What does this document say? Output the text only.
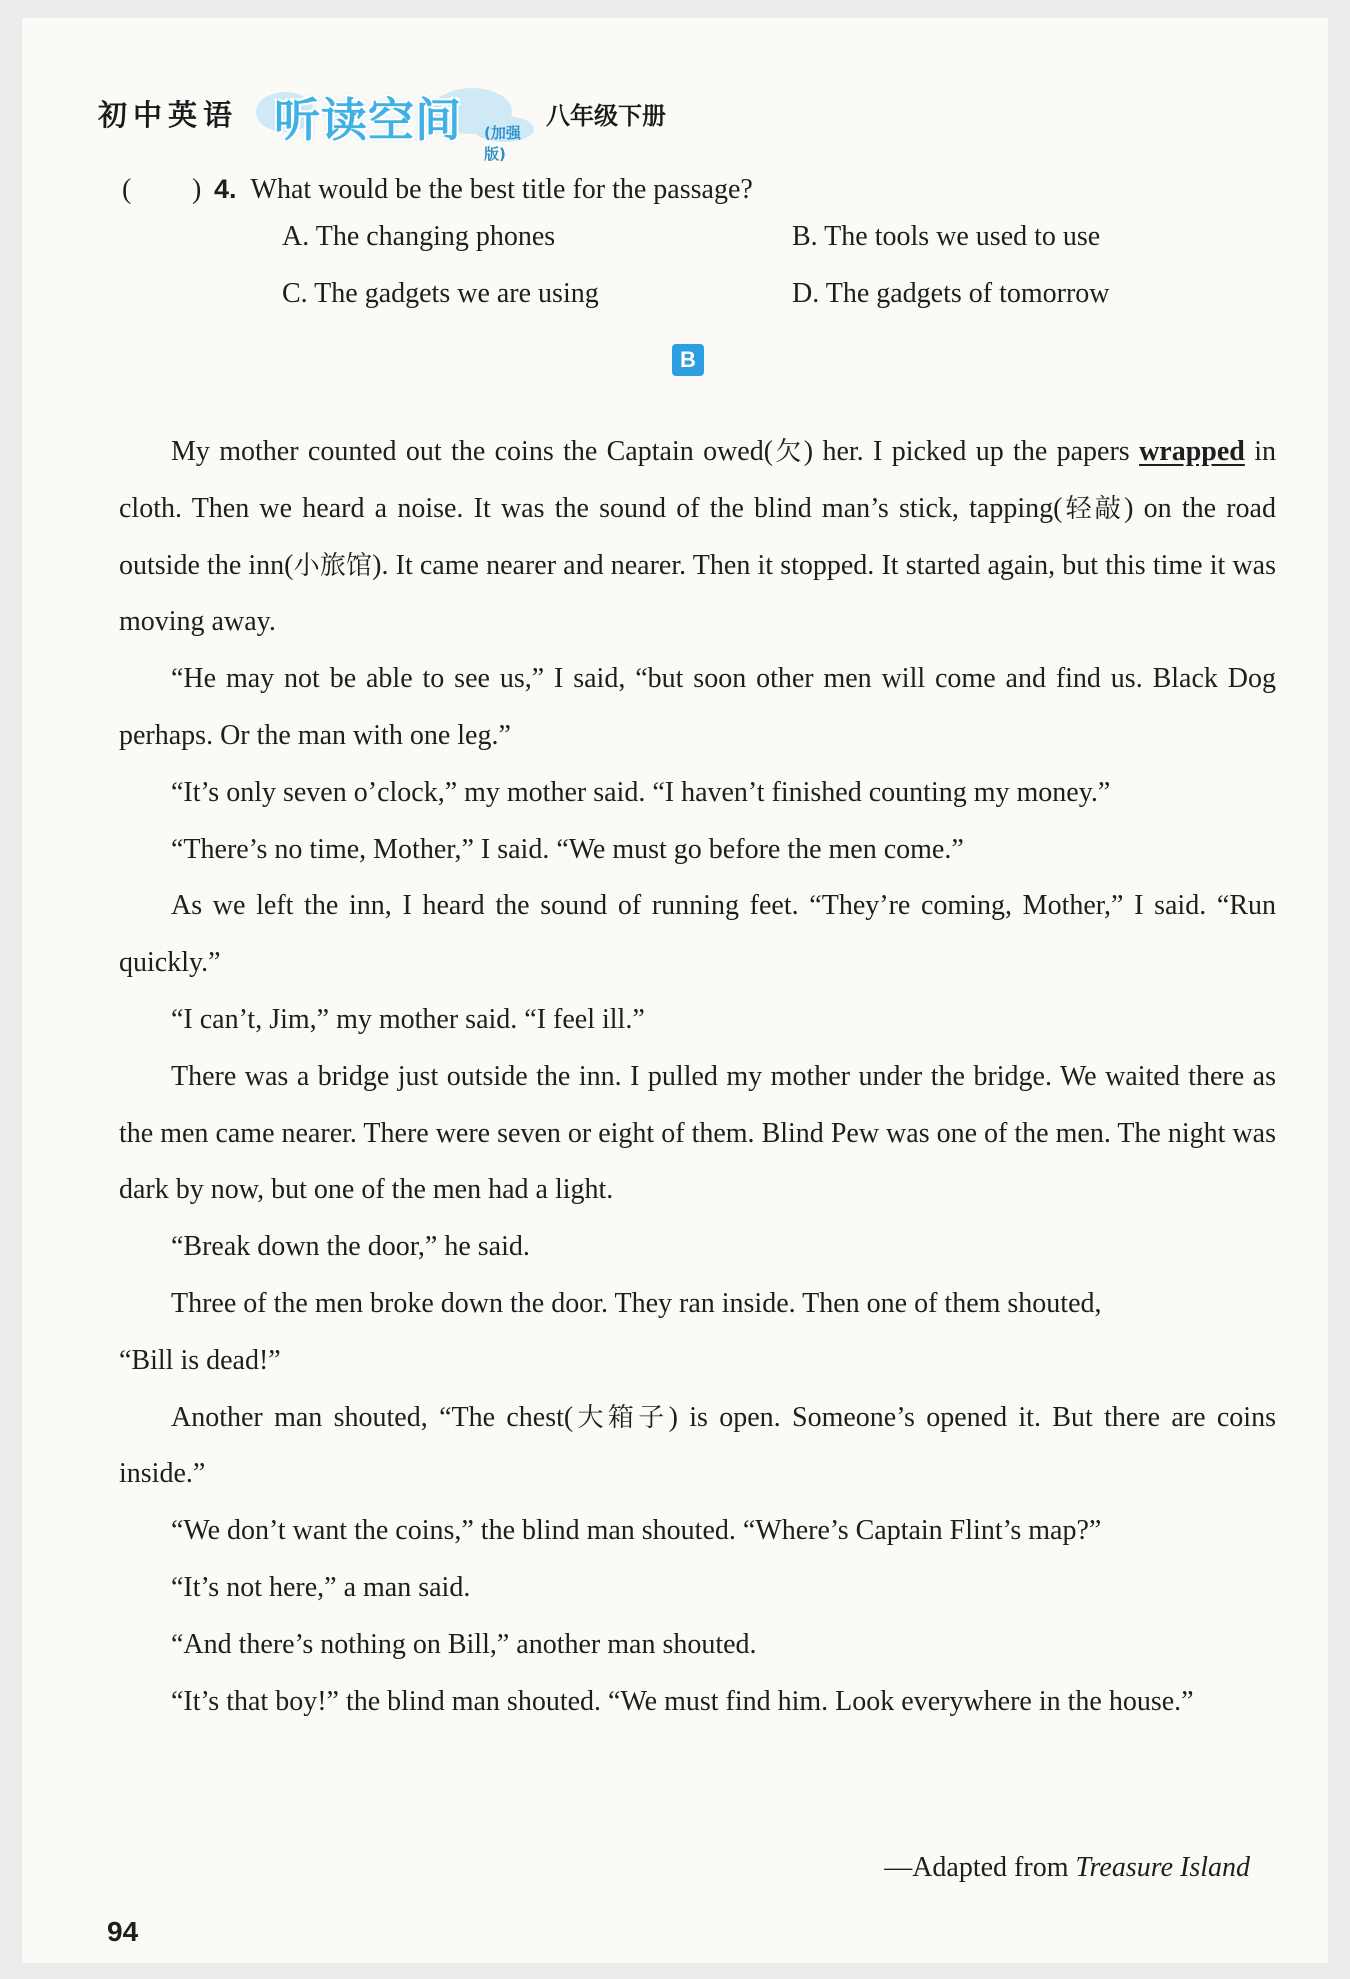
初中英语 听读空间 (加强版)
八年级下册
(	) 4. What would be the best title for the passage?
A. The changing phones	B. The tools we used to use
C. The gadgets we are using	D. The gadgets of tomorrow
B

My mother counted out the coins the Captain owed(欠) her. I picked up the papers wrapped in cloth. Then we heard a noise. It was the sound of the blind man’s stick, tapping(轻敲) on the road outside the inn(小旅馆). It came nearer and nearer. Then it stopped. It started again, but this time it was moving away.

“He may not be able to see us,” I said, “but soon other men will come and find us. Black Dog perhaps. Or the man with one leg.”

“It’s only seven o’clock,” my mother said. “I haven’t finished counting my money.”

“There’s no time, Mother,” I said. “We must go before the men come.”

As we left the inn, I heard the sound of running feet. “They’re coming, Mother,” I said. “Run quickly.”

“I can’t, Jim,” my mother said. “I feel ill.”

There was a bridge just outside the inn. I pulled my mother under the bridge. We waited there as the men came nearer. There were seven or eight of them. Blind Pew was one of the men. The night was dark by now, but one of the men had a light.

“Break down the door,” he said.

Three of the men broke down the door. They ran inside. Then one of them shouted,

“Bill is dead!”

Another man shouted, “The chest(大箱子) is open. Someone’s opened it. But there are coins inside.”

“We don’t want the coins,” the blind man shouted. “Where’s Captain Flint’s map?”

“It’s not here,” a man said.

“And there’s nothing on Bill,” another man shouted.

“It’s that boy!” the blind man shouted. “We must find him. Look everywhere in the house.”

—Adapted from Treasure Island
94
